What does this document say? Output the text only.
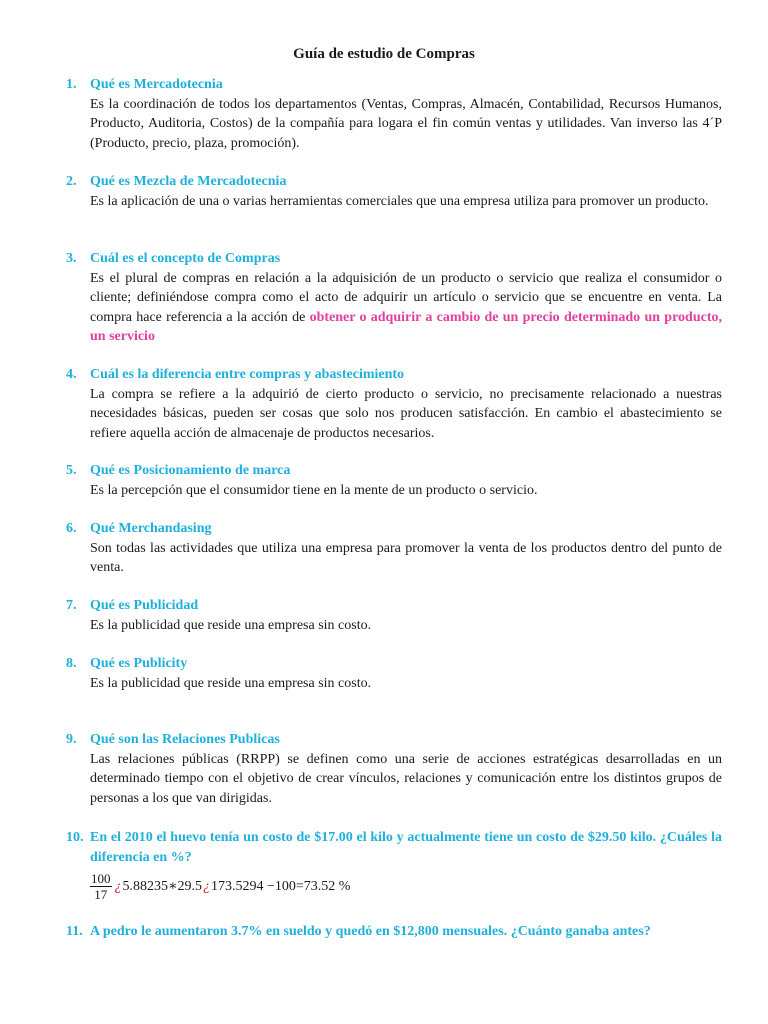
Guía de estudio de Compras
1. Qué es Mercadotecnia
Es la coordinación de todos los departamentos (Ventas, Compras, Almacén, Contabilidad, Recursos Humanos, Producto, Auditoria, Costos) de la compañía para logara el fin común ventas y utilidades. Van inverso las 4´P (Producto, precio, plaza, promoción).
2. Qué es Mezcla de Mercadotecnia
Es la aplicación de una o varias herramientas comerciales que una empresa utiliza para promover un producto.
3. Cuál es el concepto de Compras
Es el plural de compras en relación a la adquisición de un producto o servicio que realiza el consumidor o cliente; definiéndose compra como el acto de adquirir un artículo o servicio que se encuentre en venta. La compra hace referencia a la acción de obtener o adquirir a cambio de un precio determinado un producto, un servicio
4. Cuál es la diferencia entre compras y abastecimiento
La compra se refiere a la adquirió de cierto producto o servicio, no precisamente relacionado a nuestras necesidades básicas, pueden ser cosas que solo nos producen satisfacción. En cambio el abastecimiento se refiere aquella acción de almacenaje de productos necesarios.
5. Qué es Posicionamiento de marca
Es la percepción que el consumidor tiene en la mente de un producto o servicio.
6. Qué Merchandasing
Son todas las actividades que utiliza una empresa para promover la venta de los productos dentro del punto de venta.
7. Qué es Publicidad
Es la publicidad que reside una empresa sin costo.
8. Qué es Publicity
Es la publicidad que reside una empresa sin costo.
9. Qué son las Relaciones Publicas
Las relaciones públicas (RRPP) se definen como una serie de acciones estratégicas desarrolladas en un determinado tiempo con el objetivo de crear vínculos, relaciones y comunicación entre los distintos grupos de personas a los que van dirigidas.
10. En el 2010 el huevo tenía un costo de $17.00 el kilo y actualmente tiene un costo de $29.50 kilo. ¿Cuáles la diferencia en %?
$\frac{100}{17}$ ¿ 5.88235∗29.5 ¿ 173.5294 −100=73.52 %
11. A pedro le aumentaron 3.7% en sueldo y quedó en $12,800 mensuales. ¿Cuánto ganaba antes?
